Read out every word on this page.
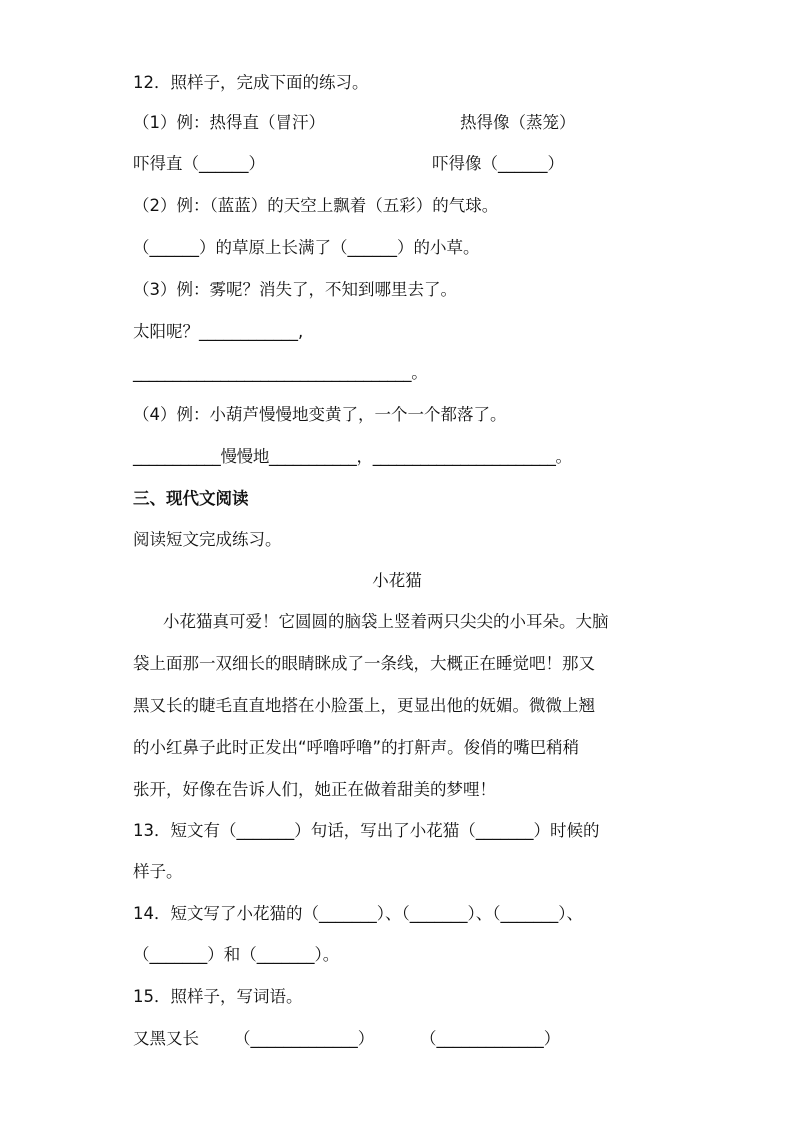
12．照样子，完成下面的练习。
（1）例：热得直（冒汗）	热得像（蒸笼）
吓得直（______）	吓得像（______）
（2）例：（蓝蓝）的天空上飘着（五彩）的气球。
（______）的草原上长满了（______）的小草。
（3）例：雾呢？消失了，不知到哪里去了。
太阳呢？____________,
___________________________________。
（4）例：小葫芦慢慢地变黄了，一个一个都落了。
___________慢慢地___________，_______________________。
三、现代文阅读
阅读短文完成练习。
小花猫
小花猫真可爱！它圆圆的脑袋上竖着两只尖尖的小耳朵。大脑
袋上面那一双细长的眼睛眯成了一条线，大概正在睡觉吧！那又
黑又长的睫毛直直地搭在小脸蛋上，更显出他的妩媚。微微上翘
的小红鼻子此时正发出“呼噜呼噜”的打鼾声。俊俏的嘴巴稍稍
张开，好像在告诉人们，她正在做着甜美的梦哩！
13．短文有（_______）句话，写出了小花猫（_______）时候的
样子。
14．短文写了小花猫的（_______）、（_______）、（_______）、
（_______）和（_______）。
15．照样子，写词语。
又黑又长 （_____________）	（_____________）
